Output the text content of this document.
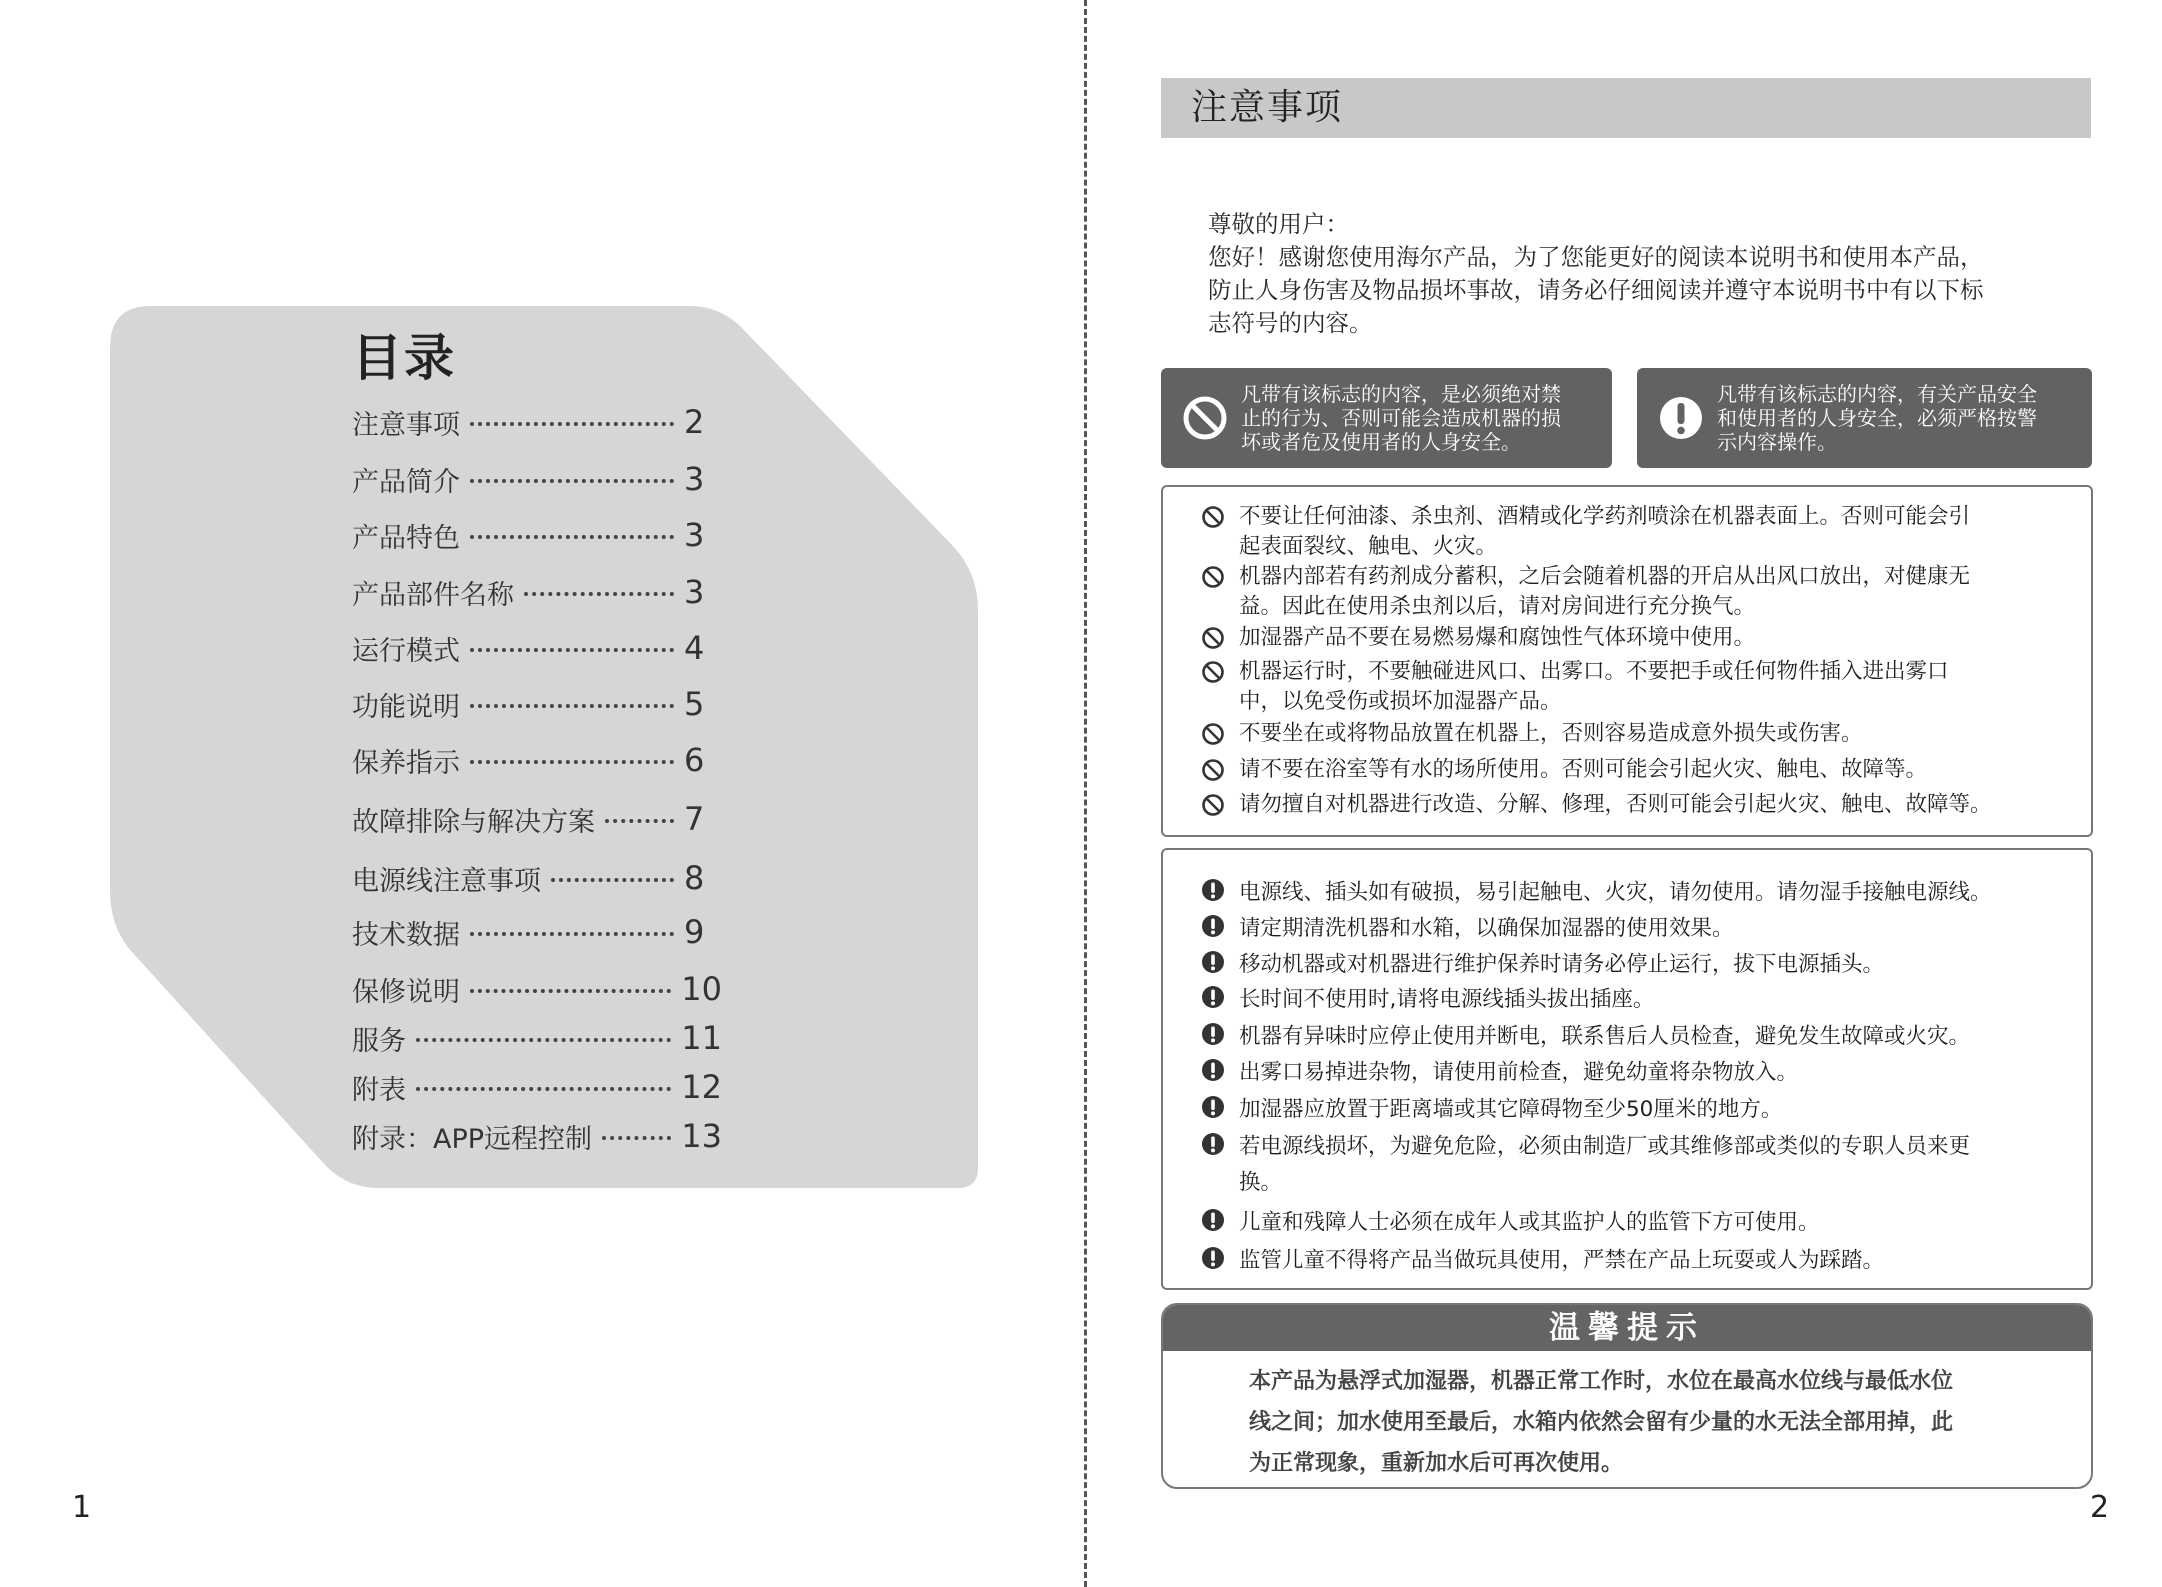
目录
注意事项	2
产品简介	3
产品特色	3
产品部件名称	3
运行模式	4
功能说明	5
保养指示	6
故障排除与解决方案	7
电源线注意事项	8
技术数据	9
保修说明	10
服务	11
附表	12
附录：APP远程控制	13
1
注意事项

尊敬的用户：

您好！感谢您使用海尔产品，为了您能更好的阅读本说明书和使用本产品，

防止人身伤害及物品损坏事故，请务必仔细阅读并遵守本说明书中有以下标

志符号的内容。

凡带有该标志的内容，是必须绝对禁
止的行为、否则可能会造成机器的损
坏或者危及使用者的人身安全。
凡带有该标志的内容，有关产品安全
和使用者的人身安全，必须严格按警
示内容操作。
不要让任何油漆、杀虫剂、酒精或化学药剂喷涂在机器表面上。否则可能会引
起表面裂纹、触电、火灾。
机器内部若有药剂成分蓄积，之后会随着机器的开启从出风口放出，对健康无
益。因此在使用杀虫剂以后，请对房间进行充分换气。
加湿器产品不要在易燃易爆和腐蚀性气体环境中使用。
机器运行时，不要触碰进风口、出雾口。不要把手或任何物件插入进出雾口
中，以免受伤或损坏加湿器产品。
不要坐在或将物品放置在机器上，否则容易造成意外损失或伤害。
请不要在浴室等有水的场所使用。否则可能会引起火灾、触电、故障等。
请勿擅自对机器进行改造、分解、修理，否则可能会引起火灾、触电、故障等。
电源线、插头如有破损，易引起触电、火灾，请勿使用。请勿湿手接触电源线。
请定期清洗机器和水箱，以确保加湿器的使用效果。
移动机器或对机器进行维护保养时请务必停止运行，拔下电源插头。
长时间不使用时,请将电源线插头拔出插座。
机器有异味时应停止使用并断电，联系售后人员检查，避免发生故障或火灾。
出雾口易掉进杂物，请使用前检查，避免幼童将杂物放入。
加湿器应放置于距离墙或其它障碍物至少50厘米的地方。
若电源线损坏，为避免危险，必须由制造厂或其维修部或类似的专职人员来更
换。
儿童和残障人士必须在成年人或其监护人的监管下方可使用。
监管儿童不得将产品当做玩具使用，严禁在产品上玩耍或人为踩踏。
温馨提示
本产品为悬浮式加湿器，机器正常工作时，水位在最高水位线与最低水位
线之间；加水使用至最后，水箱内依然会留有少量的水无法全部用掉，此
为正常现象，重新加水后可再次使用。
2
